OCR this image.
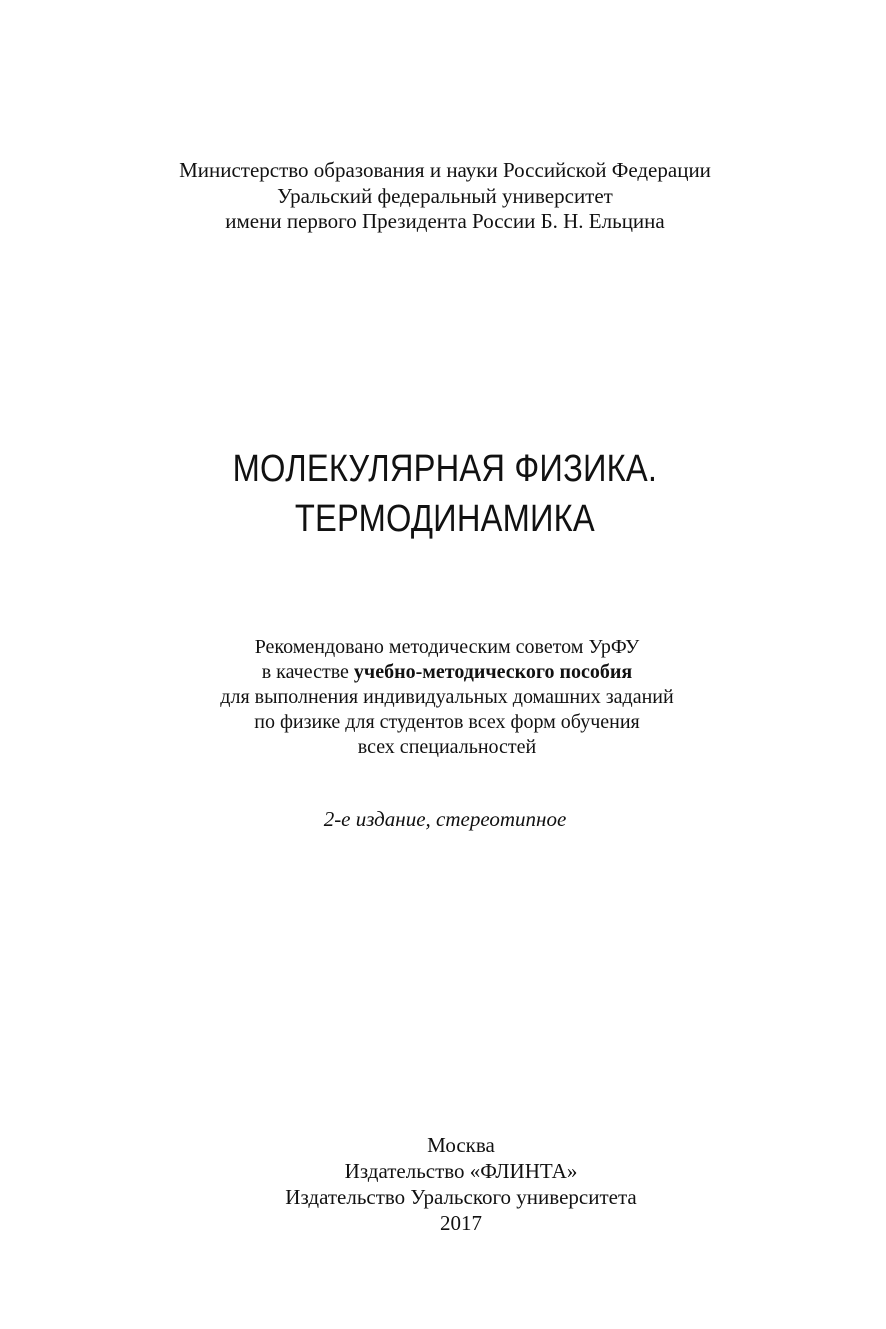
Министерство образования и науки Российской Федерации
Уральский федеральный университет
имени первого Президента России Б. Н. Ельцина
МОЛЕКУЛЯРНАЯ ФИЗИКА.
ТЕРМОДИНАМИКА
Рекомендовано методическим советом УрФУ
в качестве учебно-методического пособия
для выполнения индивидуальных домашних заданий
по физике для студентов всех форм обучения
всех специальностей
2-е издание, стереотипное
Москва
Издательство «ФЛИНТА»
Издательство Уральского университета
2017
